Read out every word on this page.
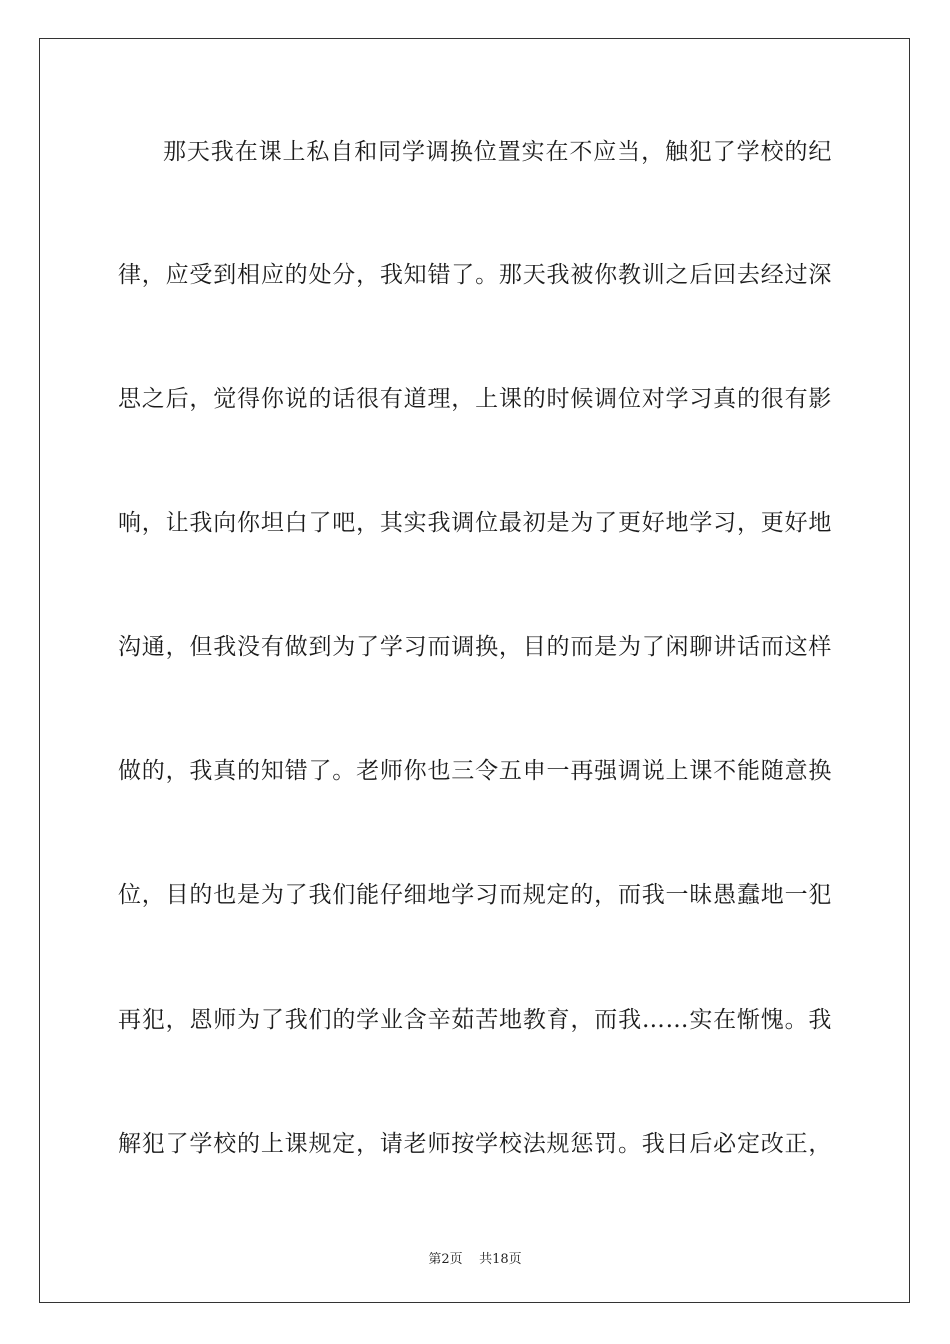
那天我在课上私自和同学调换位置实在不应当，触犯了学校的纪
律，应受到相应的处分，我知错了。那天我被你教训之后回去经过深
思之后，觉得你说的话很有道理，上课的时候调位对学习真的很有影
响，让我向你坦白了吧，其实我调位最初是为了更好地学习，更好地
沟通，但我没有做到为了学习而调换，目的而是为了闲聊讲话而这样
做的，我真的知错了。老师你也三令五申一再强调说上课不能随意换
位，目的也是为了我们能仔细地学习而规定的，而我一昧愚蠢地一犯
再犯，恩师为了我们的学业含辛茹苦地教育，而我……实在惭愧。我
解犯了学校的上课规定，请老师按学校法规惩罚。我日后必定改正，
第2页 共18页
